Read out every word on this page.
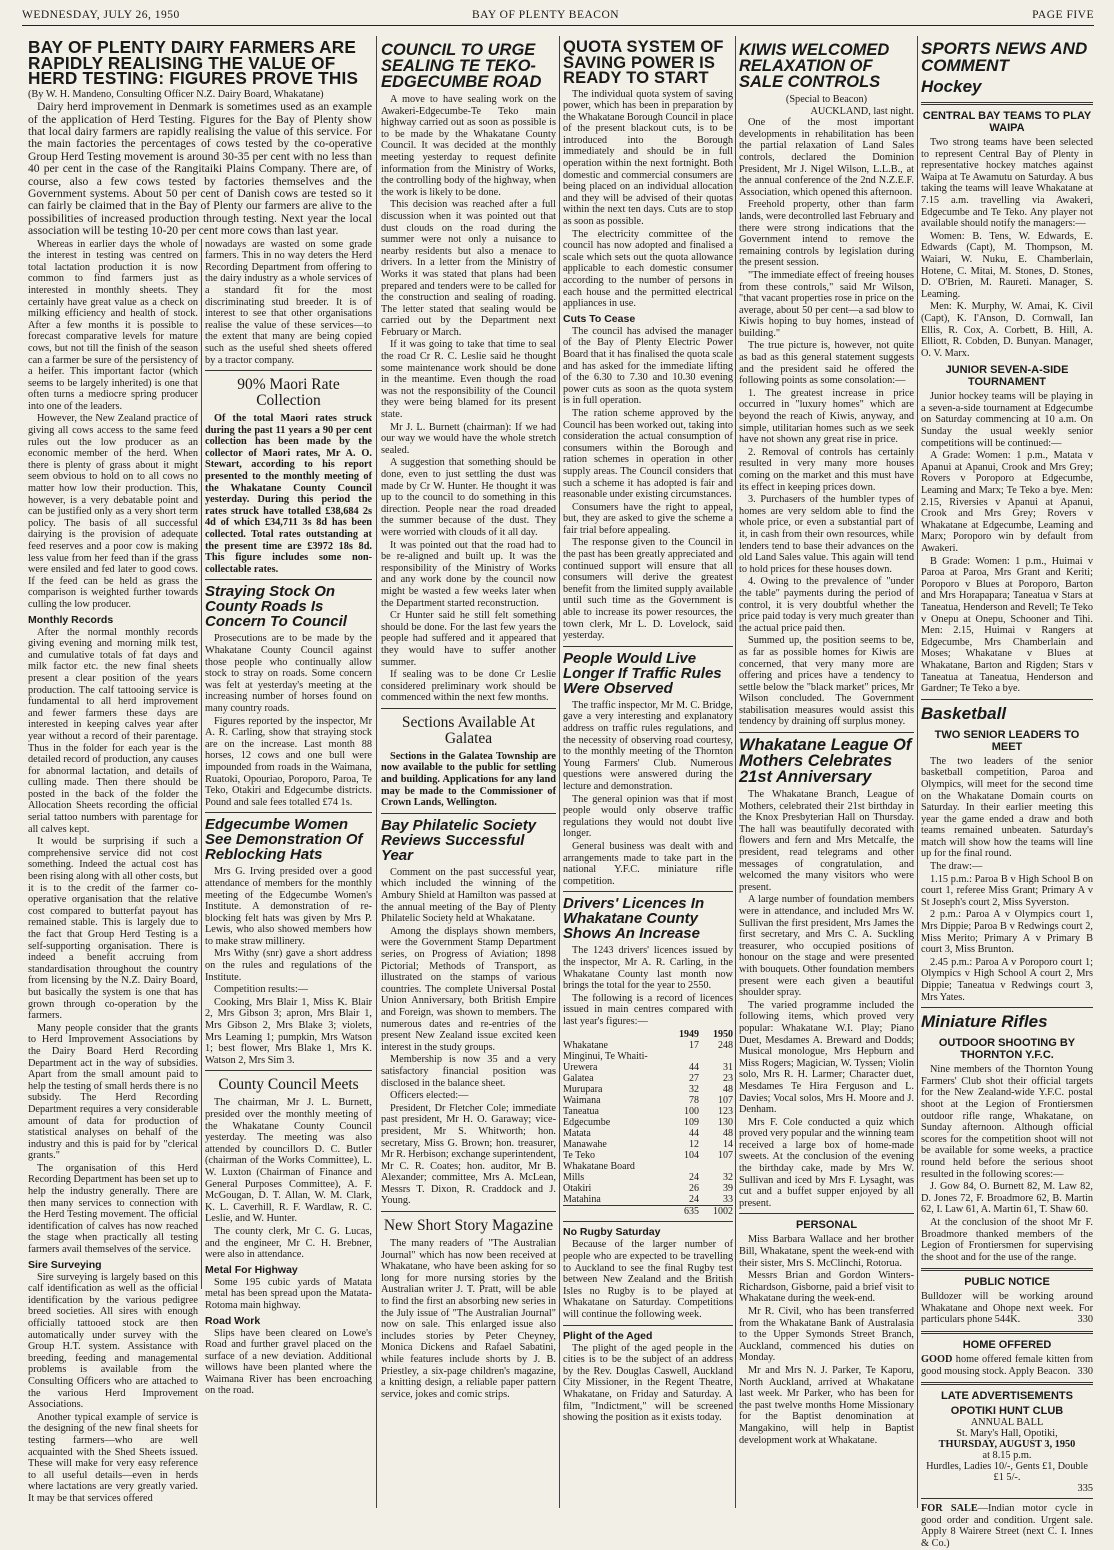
WEDNESDAY, JULY 26, 1950	BAY OF PLENTY BEACON	PAGE FIVE
BAY OF PLENTY DAIRY FARMERS ARE RAPIDLY REALISING THE VALUE OF HERD TESTING: FIGURES PROVE THIS
(By W. H. Mandeno, Consulting Officer N.Z. Dairy Board, Whakatane)

Dairy herd improvement in Denmark is sometimes used as an example of the application of Herd Testing. Figures for the Bay of Plenty show that local dairy farmers are rapidly realising the value of this service. For the main factories the percentages of cows tested by the co-operative Group Herd Testing movement is around 30-35 per cent with no less than 40 per cent in the case of the Rangitaiki Plains Company. There are, of course, also a few cows tested by factories themselves and the Government systems. About 50 per cent of Danish cows are tested so it can fairly be claimed that in the Bay of Plenty our farmers are alive to the possibilities of increased production through testing. Next year the local association will be testing 10-20 per cent more cows than last year.

Whereas in earlier days the whole of the interest in testing was centred on total lactation production it is now common to find farmers just as interested in monthly sheets. They certainly have great value as a check on milking efficiency and health of stock. After a few months it is possible to forecast comparative levels for mature cows, but not till the finish of the season can a farmer be sure of the persistency of a heifer. This important factor (which seems to be largely inherited) is one that often turns a mediocre spring producer into one of the leaders.

However, the New Zealand practice of giving all cows access to the same feed rules out the low producer as an economic member of the herd. When there is plenty of grass about it might seem obvious to hold on to all cows no matter how low their production. This, however, is a very debatable point and can be justified only as a very short term policy. The basis of all successful dairying is the provision of adequate feed reserves and a poor cow is making less value from her feed than if the grass were ensiled and fed later to good cows. If the feed can be held as grass the comparison is weighted further towards culling the low producer.

Monthly Records

After the normal monthly records giving evening and morning milk test, and cumulative totals of fat days and milk factor etc. the new final sheets present a clear position of the years production. The calf tattooing service is fundamental to all herd improvement and fewer farmers these days are interested in keeping calves year after year without a record of their parentage. Thus in the folder for each year is the detailed record of production, any causes for abnormal lactation, and details of culling made. Then there should be posted in the back of the folder the Allocation Sheets recording the official serial tattoo numbers with parentage for all calves kept.

It would be surprising if such a comprehensive service did not cost something. Indeed the actual cost has been rising along with all other costs, but it is to the credit of the farmer co-operative organisation that the relative cost compared to butterfat payout has remained stable. This is largely due to the fact that Group Herd Testing is a self-supporting organisation. There is indeed a benefit accruing from standardisation throughout the country from licensing by the N.Z. Dairy Board, but basically the system is one that has grown through co-operation by the farmers.

Many people consider that the grants to Herd Improvement Associations by the Dairy Board Herd Recording Department act in the way of subsidies. Apart from the small amount paid to help the testing of small herds there is no subsidy. The Herd Recording Department requires a very considerable amount of data for production of statistical analyses on behalf of the industry and this is paid for by "clerical grants."

The organisation of this Herd Recording Department has been set up to help the industry generally. There are then many services to connection with the Herd Testing movement. The official identification of calves has now reached the stage when practically all testing farmers avail themselves of the service.

Sire Surveying

Sire surveying is largely based on this calf identification as well as the official identification by the various pedigree breed societies. All sires with enough officially tattooed stock are then automatically under survey with the Group H.T. system. Assistance with breeding, feeding and managemental problems is available from the Consulting Officers who are attached to the various Herd Improvement Associations.

Another typical example of service is the designing of the new final sheets for testing farmers—who are well acquainted with the Shed Sheets issued. These will make for very easy reference to all useful details—even in herds where lactations are very greatly varied. It may be that services offered

nowadays are wasted on some grade farmers. This in no way deters the Herd Recording Department from offering to the dairy industry as a whole services of a standard fit for the most discriminating stud breeder. It is of interest to see that other organisations realise the value of these services—to the extent that many are being copied such as the useful shed sheets offered by a tractor company.

90% Maori Rate Collection

Of the total Maori rates struck during the past 11 years a 90 per cent collection has been made by the collector of Maori rates, Mr A. O. Stewart, according to his report presented to the monthly meeting of the Whakatane County Council yesterday. During this period the rates struck have totalled £38,684 2s 4d of which £34,711 3s 8d has been collected. Total rates outstanding at the present time are £3972 18s 8d. This figure includes some non-collectable rates.

Straying Stock On County Roads Is Concern To Council

Prosecutions are to be made by the Whakatane County Council against those people who continually allow stock to stray on roads. Some concern was felt at yesterday's meeting at the increasing number of horses found on many country roads.

Figures reported by the inspector, Mr A. R. Carling, show that straying stock are on the increase. Last month 88 horses, 12 cows and one bull were impounded from roads in the Waimana, Ruatoki, Opouriao, Poroporo, Paroa, Te Teko, Otakiri and Edgecumbe districts. Pound and sale fees totalled £74 1s.

Edgecumbe Women See Demonstration Of Reblocking Hats

Mrs G. Irving presided over a good attendance of members for the monthly meeting of the Edgecumbe Women's Institute. A demonstration of re-blocking felt hats was given by Mrs P. Lewis, who also showed members how to make straw millinery.

Mrs Withy (snr) gave a short address on the rules and regulations of the Institute.

Competition results:—

Cooking, Mrs Blair 1, Miss K. Blair 2, Mrs Gibson 3; apron, Mrs Blair 1, Mrs Gibson 2, Mrs Blake 3; violets, Mrs Leaming 1; pumpkin, Mrs Watson 1; best flower, Mrs Blake 1, Mrs K. Watson 2, Mrs Sim 3.

County Council Meets

The chairman, Mr J. L. Burnett, presided over the monthly meeting of the Whakatane County Council yesterday. The meeting was also attended by councillors D. C. Butler (chairman of the Works Committee), L. W. Luxton (Chairman of Finance and General Purposes Committee), A. F. McGougan, D. T. Allan, W. M. Clark, K. L. Caverhill, R. F. Wardlaw, R. C. Leslie, and W. Hunter.

The county clerk, Mr C. G. Lucas, and the engineer, Mr C. H. Brebner, were also in attendance.

Metal For Highway

Some 195 cubic yards of Matata metal has been spread upon the Matata-Rotoma main highway.

Road Work

Slips have been cleared on Lowe's Road and further gravel placed on the surface of a new deviation. Additional willows have been planted where the Waimana River has been encroaching on the road.

COUNCIL TO URGE SEALING TE TEKO-EDGECUMBE ROAD

A move to have sealing work on the Awakeri-Edgecumbe-Te Teko main highway carried out as soon as possible is to be made by the Whakatane County Council. It was decided at the monthly meeting yesterday to request definite information from the Ministry of Works, the controlling body of the highway, when the work is likely to be done.

This decision was reached after a full discussion when it was pointed out that dust clouds on the road during the summer were not only a nuisance to nearby residents but also a menace to drivers. In a letter from the Ministry of Works it was stated that plans had been prepared and tenders were to be called for the construction and sealing of roading. The letter stated that sealing would be carried out by the Department next February or March.

If it was going to take that time to seal the road Cr R. C. Leslie said he thought some maintenance work should be done in the meantime. Even though the road was not the responsibility of the Council they were being blamed for its present state.

Mr J. L. Burnett (chairman): If we had our way we would have the whole stretch sealed.

A suggestion that something should be done, even to just settling the dust was made by Cr W. Hunter. He thought it was up to the council to do something in this direction. People near the road dreaded the summer because of the dust. They were worried with clouds of it all day.

It was pointed out that the road had to be re-aligned and built up. It was the responsibility of the Ministry of Works and any work done by the council now might be wasted a few weeks later when the Department started reconstruction.

Cr Hunter said he still felt something should be done. For the last few years the people had suffered and it appeared that they would have to suffer another summer.

If sealing was to be done Cr Leslie considered preliminary work should be commenced within the next few months.

Sections Available At Galatea

Sections in the Galatea Township are now available to the public for settling and building. Applications for any land may be made to the Commissioner of Crown Lands, Wellington.

Bay Philatelic Society Reviews Successful Year

Comment on the past successful year, which included the winning of the Ambury Shield at Hamilton was passed at the annual meeting of the Bay of Plenty Philatelic Society held at Whakatane.

Among the displays shown members, were the Government Stamp Department series, on Progress of Aviation; 1898 Pictorial; Methods of Transport, as illustrated on the stamps of various countries. The complete Universal Postal Union Anniversary, both British Empire and Foreign, was shown to members. The numerous dates and re-entries of the present New Zealand issue excited keen interest in the study groups.

Membership is now 35 and a very satisfactory financial position was disclosed in the balance sheet.

Officers elected:—

President, Dr Fletcher Cole; immediate past president, Mr H. O. Garaway; vice-president, Mr S. Whitworth; hon. secretary, Miss G. Brown; hon. treasurer, Mr R. Herbison; exchange superintendent, Mr C. R. Coates; hon. auditor, Mr B. Alexander; committee, Mrs A. McLean, Messrs T. Dixon, R. Craddock and J. Young.

New Short Story Magazine

The many readers of "The Australian Journal" which has now been received at Whakatane, who have been asking for so long for more nursing stories by the Australian writer J. T. Pratt, will be able to find the first an absorbing new series in the July issue of "The Australian Journal" now on sale. This enlarged issue also includes stories by Peter Cheyney, Monica Dickens and Rafael Sabatini, while features include shorts by J. B. Priestley, a six-page children's magazine, a knitting design, a reliable paper pattern service, jokes and comic strips.

QUOTA SYSTEM OF SAVING POWER IS READY TO START

The individual quota system of saving power, which has been in preparation by the Whakatane Borough Council in place of the present blackout cuts, is to be introduced into the Borough immediately and should be in full operation within the next fortnight. Both domestic and commercial consumers are being placed on an individual allocation and they will be advised of their quotas within the next ten days. Cuts are to stop as soon as possible.

The electricity committee of the council has now adopted and finalised a scale which sets out the quota allowance applicable to each domestic consumer according to the number of persons in each house and the permitted electrical appliances in use.

Cuts To Cease

The council has advised the manager of the Bay of Plenty Electric Power Board that it has finalised the quota scale and has asked for the immediate lifting of the 6.30 to 7.30 and 10.30 evening power cuts as soon as the quota system is in full operation.

The ration scheme approved by the Council has been worked out, taking into consideration the actual consumption of consumers within the Borough and ration schemes in operation in other supply areas. The Council considers that such a scheme it has adopted is fair and reasonable under existing circumstances.

Consumers have the right to appeal, but, they are asked to give the scheme a fair trial before appealing.

The response given to the Council in the past has been greatly appreciated and continued support will ensure that all consumers will derive the greatest benefit from the limited supply available until such time as the Government is able to increase its power resources, the town clerk, Mr L. D. Lovelock, said yesterday.

People Would Live Longer If Traffic Rules Were Observed

The traffic inspector, Mr M. C. Bridge, gave a very interesting and explanatory address on traffic rules regulations, and the necessity of observing road courtesy, to the monthly meeting of the Thornton Young Farmers' Club. Numerous questions were answered during the lecture and demonstration.

The general opinion was that if most people would only observe traffic regulations they would not doubt live longer.

General business was dealt with and arrangements made to take part in the national Y.F.C. miniature rifle competition.

Drivers' Licences In Whakatane County Shows An Increase

The 1243 drivers' licences issued by the inspector, Mr A. R. Carling, in the Whakatane County last month now brings the total for the year to 2550.

The following is a record of licences issued in main centres compared with last year's figures:—

	1949	1950
Whakatane	17	248
Minginui, Te Whaiti-		
Urewera	44	31
Galatea	27	23
Murupara	32	48
Waimana	78	107
Taneatua	100	123
Edgecumbe	109	130
Matata	44	48
Manawahe	12	14
Te Teko	104	107
Whakatane Board		
Mills	24	32
Otakiri	26	39
Matahina	24	33
	635	1002
No Rugby Saturday

Because of the larger number of people who are expected to be travelling to Auckland to see the final Rugby test between New Zealand and the British Isles no Rugby is to be played at Whakatane on Saturday. Competitions will continue the following week.

Plight of the Aged

The plight of the aged people in the cities is to be the subject of an address by the Rev. Douglas Caswell, Auckland City Missioner, in the Regent Theatre, Whakatane, on Friday and Saturday. A film, "Indictment," will be screened showing the position as it exists today.

KIWIS WELCOMED RELAXATION OF SALE CONTROLS
(Special to Beacon)
AUCKLAND, last night.

One of the most important developments in rehabilitation has been the partial relaxation of Land Sales controls, declared the Dominion President, Mr J. Nigel Wilson, L.L.B., at the annual conference of the 2nd N.Z.E.F. Association, which opened this afternoon.

Freehold property, other than farm lands, were decontrolled last February and there were strong indications that the Government intend to remove the remaining controls by legislation during the present session.

"The immediate effect of freeing houses from these controls," said Mr Wilson, "that vacant properties rose in price on the average, about 50 per cent—a sad blow to Kiwis hoping to buy homes, instead of building."

The true picture is, however, not quite as bad as this general statement suggests and the president said he offered the following points as some consolation:—

1. The greatest increase in price occurred in "luxury homes" which are beyond the reach of Kiwis, anyway, and simple, utilitarian homes such as we seek have not shown any great rise in price.

2. Removal of controls has certainly resulted in very many more houses coming on the market and this must have its effect in keeping prices down.

3. Purchasers of the humbler types of homes are very seldom able to find the whole price, or even a substantial part of it, in cash from their own resources, while lenders tend to base their advances on the old Land Sales value. This again will tend to hold prices for these houses down.

4. Owing to the prevalence of "under the table" payments during the period of control, it is very doubtful whether the price paid today is very much greater than the actual price paid then.

Summed up, the position seems to be, as far as possible homes for Kiwis are concerned, that very many more are offering and prices have a tendency to settle below the "black market" prices, Mr Wilson concluded. The Government stabilisation measures would assist this tendency by draining off surplus money.

Whakatane League Of Mothers Celebrates 21st Anniversary

The Whakatane Branch, League of Mothers, celebrated their 21st birthday in the Knox Presbyterian Hall on Thursday. The hall was beautifully decorated with flowers and fern and Mrs Metcalfe, the president, read telegrams and other messages of congratulation, and welcomed the many visitors who were present.

A large number of foundation members were in attendance, and included Mrs W. Sullivan the first president, Mrs James the first secretary, and Mrs C. A. Suckling treasurer, who occupied positions of honour on the stage and were presented with bouquets. Other foundation members present were each given a beautiful shoulder spray.

The varied programme included the following items, which proved very popular: Whakatane W.I. Play; Piano Duet, Mesdames A. Breward and Dodds; Musical monologue, Mrs Hepburn and Miss Rogers; Magician, W. Tyssen; Violin solo, Mrs R. H. Larmer; Character duet, Mesdames Te Hira Ferguson and L. Davies; Vocal solos, Mrs H. Moore and J. Denham.

Mrs F. Cole conducted a quiz which proved very popular and the winning team received a large box of home-made sweets. At the conclusion of the evening the birthday cake, made by Mrs W. Sullivan and iced by Mrs F. Lysaght, was cut and a buffet supper enjoyed by all present.

PERSONAL

Miss Barbara Wallace and her brother Bill, Whakatane, spent the week-end with their sister, Mrs S. McClinchi, Rotorua.

Messrs Brian and Gordon Winters-Richardson, Gisborne, paid a brief visit to Whakatane during the week-end.

Mr R. Civil, who has been transferred from the Whakatane Bank of Australasia to the Upper Symonds Street Branch, Auckland, commenced his duties on Monday.

Mr and Mrs N. J. Parker, Te Kaporu, North Auckland, arrived at Whakatane last week. Mr Parker, who has been for the past twelve months Home Missionary for the Baptist denomination at Mangakino, will help in Baptist development work at Whakatane.

SPORTS NEWS AND COMMENT
Hockey
CENTRAL BAY TEAMS TO PLAY WAIPA

Two strong teams have been selected to represent Central Bay of Plenty in representative hockey matches against Waipa at Te Awamutu on Saturday. A bus taking the teams will leave Whakatane at 7.15 a.m. travelling via Awakeri, Edgecumbe and Te Teko. Any player not available should notify the managers:—

Women: B. Tens, W. Edwards, E. Edwards (Capt), M. Thompson, M. Waiari, W. Nuku, E. Chamberlain, Hotene, C. Mitai, M. Stones, D. Stones, D. O'Brien, M. Raureti. Manager, S. Leaming.

Men: K. Murphy, W. Amai, K. Civil (Capt), K. I'Anson, D. Cornwall, Ian Ellis, R. Cox, A. Corbett, B. Hill, A. Elliott, R. Cobden, D. Bunyan. Manager, O. V. Marx.

JUNIOR SEVEN-A-SIDE TOURNAMENT

Junior hockey teams will be playing in a seven-a-side tournament at Edgecumbe on Saturday commencing at 10 a.m. On Sunday the usual weekly senior competitions will be continued:—

A Grade: Women: 1 p.m., Matata v Apanui at Apanui, Crook and Mrs Grey; Rovers v Poroporo at Edgecumbe, Leaming and Marx; Te Teko a bye. Men: 2.15, Riversies v Apanui at Apanui, Crook and Mrs Grey; Rovers v Whakatane at Edgecumbe, Leaming and Marx; Poroporo win by default from Awakeri.

B Grade: Women: 1 p.m., Huimai v Paroa at Paroa, Mrs Grant and Keriti; Poroporo v Blues at Poroporo, Barton and Mrs Horapapara; Taneatua v Stars at Taneatua, Henderson and Revell; Te Teko v Onepu at Onepu, Schooner and Tihi. Men: 2.15, Huimai v Rangers at Edgecumbe, Mrs Chamberlain and Moses; Whakatane v Blues at Whakatane, Barton and Rigden; Stars v Taneatua at Taneatua, Henderson and Gardner; Te Teko a bye.

Basketball
TWO SENIOR LEADERS TO MEET

The two leaders of the senior basketball competition, Paroa and Olympics, will meet for the second time on the Whakatane Domain courts on Saturday. In their earlier meeting this year the game ended a draw and both teams remained unbeaten. Saturday's match will show how the teams will line up for the final round.

The draw:—

1.15 p.m.: Paroa B v High School B on court 1, referee Miss Grant; Primary A v St Joseph's court 2, Miss Syverston.

2 p.m.: Paroa A v Olympics court 1, Mrs Dippie; Paroa B v Redwings court 2, Miss Merito; Primary A v Primary B court 3, Miss Brunton.

2.45 p.m.: Paroa A v Poroporo court 1; Olympics v High School A court 2, Mrs Dippie; Taneatua v Redwings court 3, Mrs Yates.

Miniature Rifles
OUTDOOR SHOOTING BY THORNTON Y.F.C.

Nine members of the Thornton Young Farmers' Club shot their official targets for the New Zealand-wide Y.F.C. postal shoot at the Legion of Frontiersmen outdoor rifle range, Whakatane, on Sunday afternoon. Although official scores for the competition shoot will not be available for some weeks, a practice round held before the serious shoot resulted in the following scores:—

J. Gow 84, O. Burnett 82, M. Law 82, D. Jones 72, F. Broadmore 62, B. Martin 62, I. Law 61, A. Martin 61, T. Shaw 60.

At the conclusion of the shoot Mr F. Broadmore thanked members of the Legion of Frontiersmen for supervising the shoot and for the use of the range.

PUBLIC NOTICE

Bulldozer will be working around Whakatane and Ohope next week. For particulars phone 544K.	330

HOME OFFERED

GOOD home offered female kitten from good mousing stock. Apply Beacon. 330

LATE ADVERTISEMENTS
OPOTIKI HUNT CLUB
ANNUAL BALL
St. Mary's Hall, Opotiki,
THURSDAY, AUGUST 3, 1950
at 8.15 p.m.
Hurdles, Ladies 10/-, Gents £1, Double £1 5/-.
335

FOR SALE—Indian motor cycle in good order and condition. Urgent sale. Apply 8 Wairere Street (next C. I. Innes & Co.)
